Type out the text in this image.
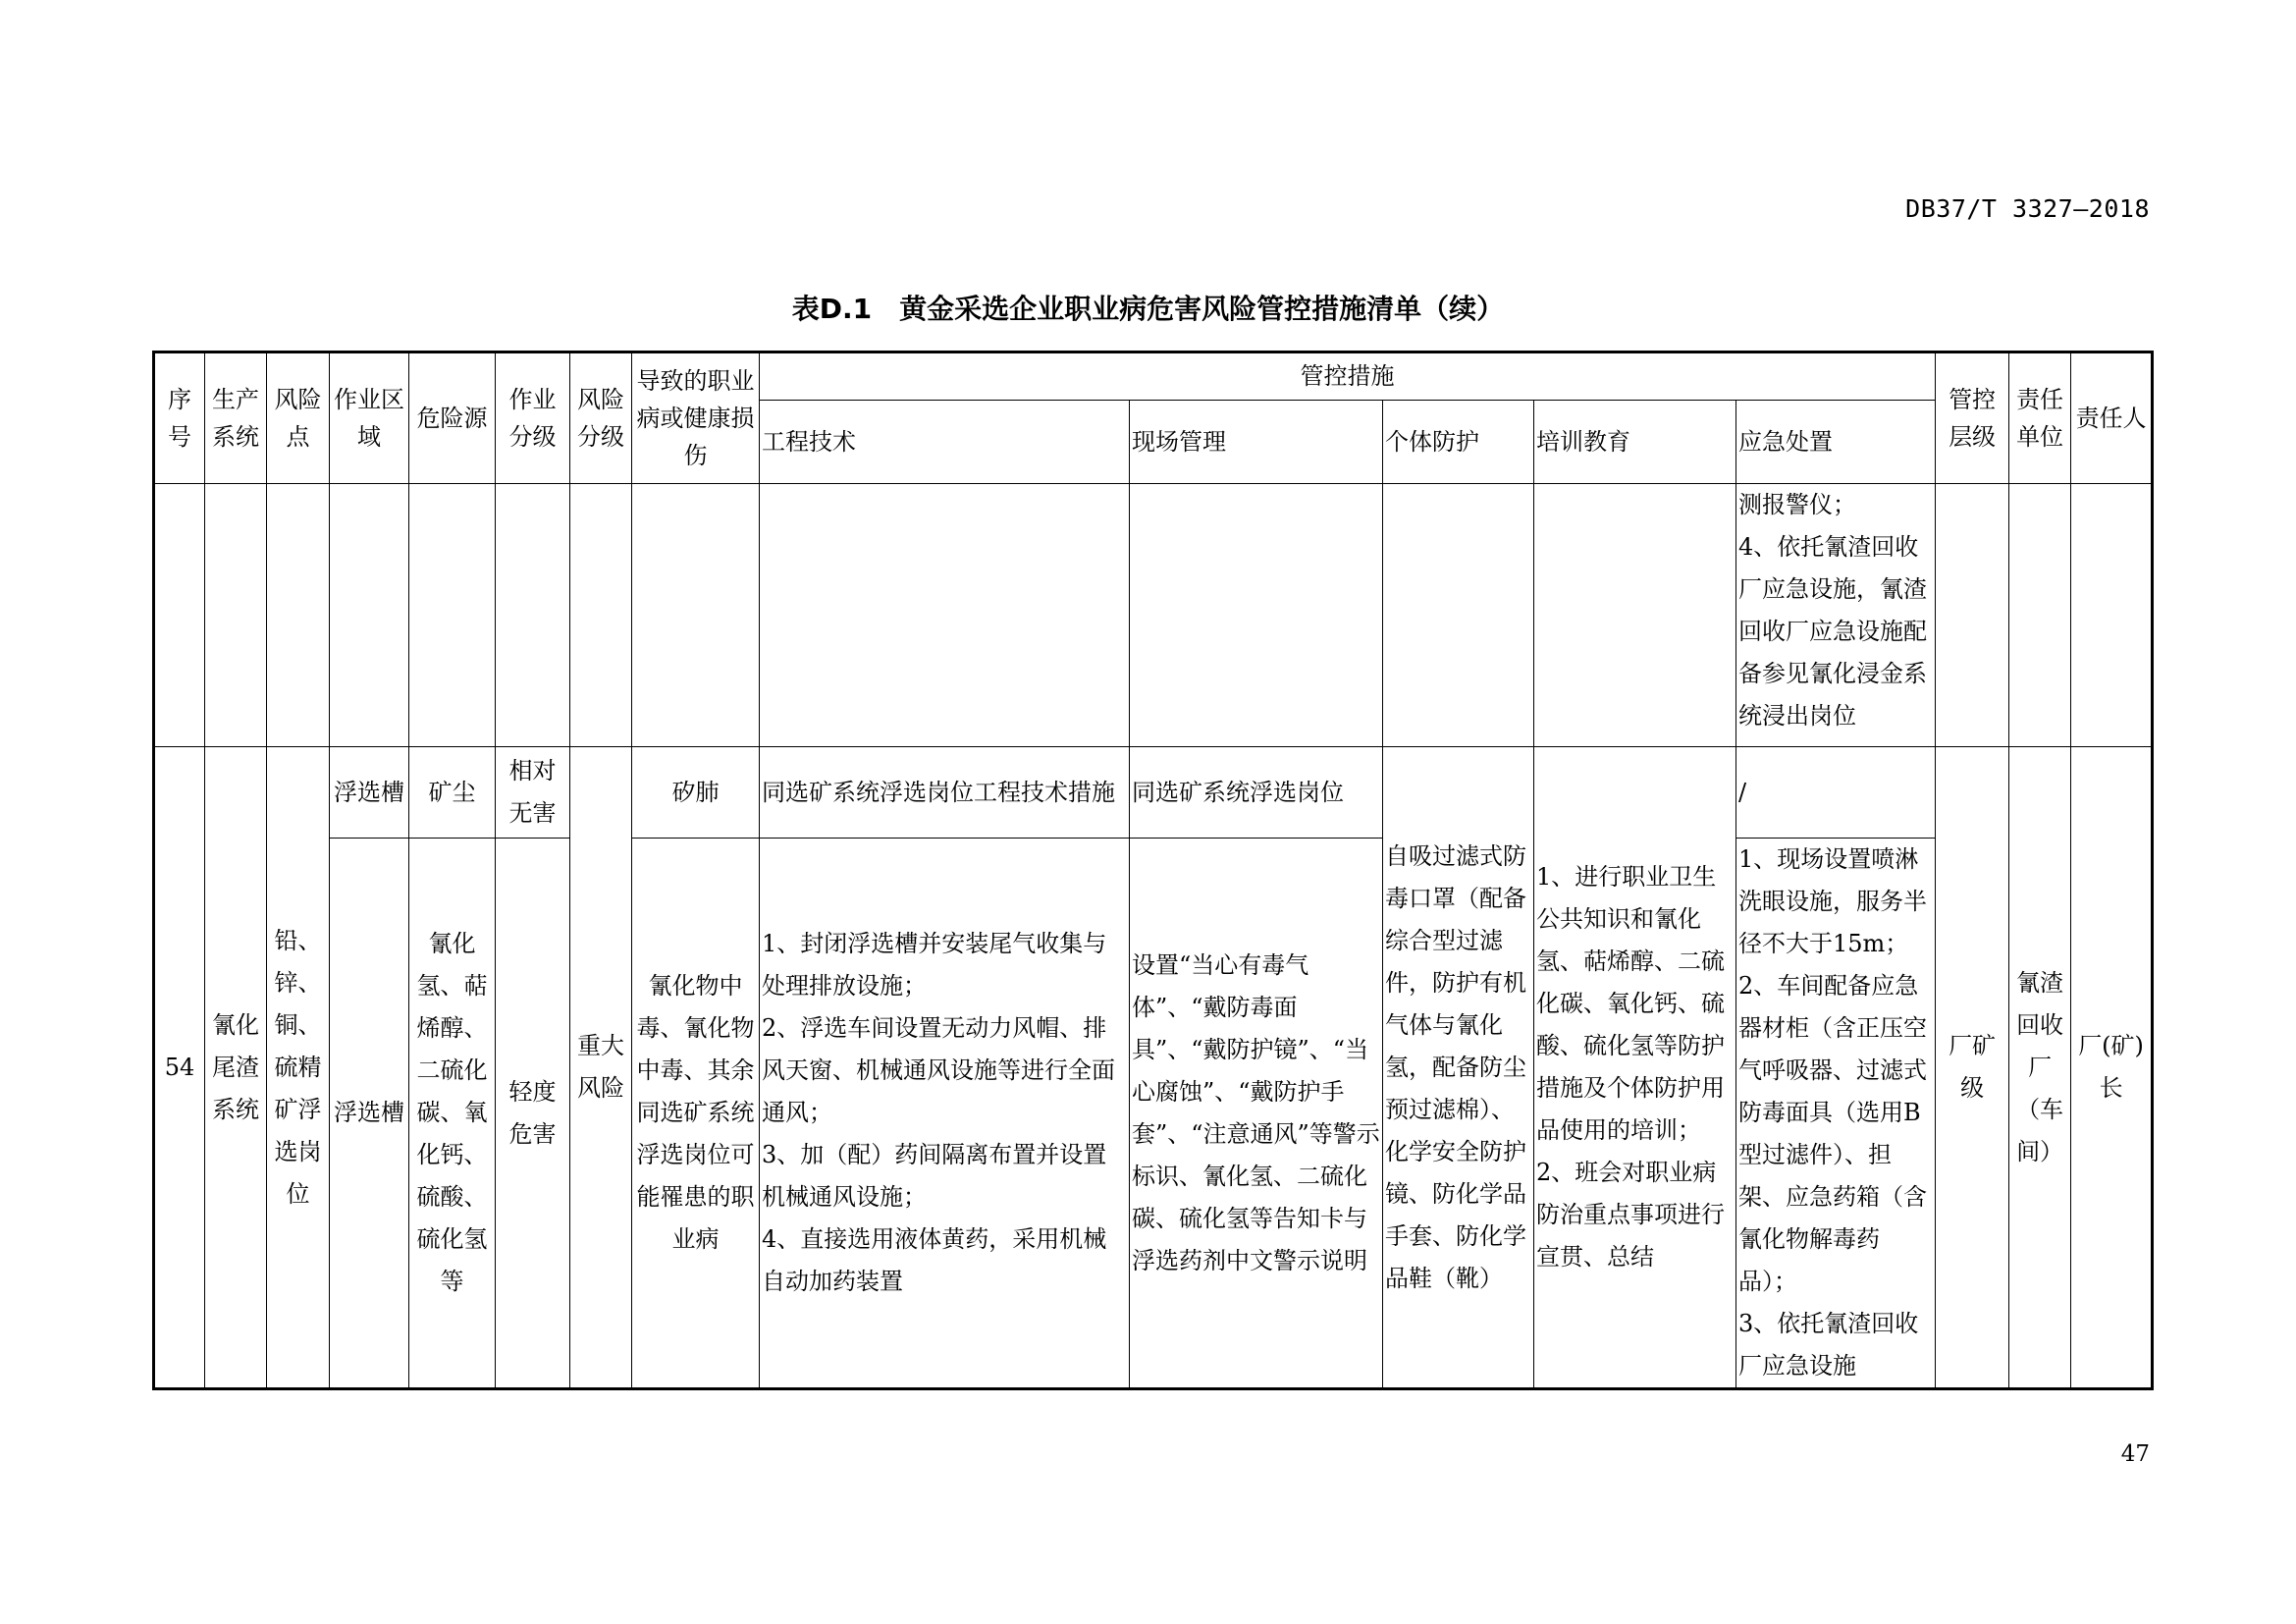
DB37/T 3327—2018
表D.1 黄金采选企业职业病危害风险管控措施清单（续）
序号	生产系统	风险点	作业区域	危险源	作业分级	风险分级	导致的职业病或健康损伤	管控措施					管控层级	责任单位	责任人
								工程技术	现场管理	个体防护	培训教育	应急处置			
												测报警仪；
4、依托氰渣回收厂应急设施，氰渣回收厂应急设施配备参见氰化浸金系统浸出岗位			
54	氰化尾渣系统	铅、锌、铜、硫精矿浮选岗位	浮选槽	矿尘	相对无害	重大风险	矽肺	同选矿系统浮选岗位工程技术措施	同选矿系统浮选岗位	自吸过滤式防毒口罩（配备综合型过滤件，防护有机气体与氰化氢，配备防尘预过滤棉）、化学安全防护镜、防化学品手套、防化学品鞋（靴）	1、进行职业卫生公共知识和氰化氢、萜烯醇、二硫化碳、氧化钙、硫酸、硫化氢等防护措施及个体防护用品使用的培训；
2、班会对职业病防治重点事项进行宣贯、总结	/	厂矿级	氰渣回收厂（车间）	厂(矿)长
			浮选槽	氰化氢、萜烯醇、二硫化碳、氧化钙、硫酸、硫化氢等	轻度危害		氰化物中毒、氰化物中毒、其余同选矿系统浮选岗位可能罹患的职业病	1、封闭浮选槽并安装尾气收集与处理排放设施；
2、浮选车间设置无动力风帽、排风天窗、机械通风设施等进行全面通风；
3、加（配）药间隔离布置并设置机械通风设施；
4、直接选用液体黄药，采用机械自动加药装置	设置“当心有毒气体”、“戴防毒面具”、“戴防护镜”、“当心腐蚀”、“戴防护手套”、“注意通风”等警示标识、氰化氢、二硫化碳、硫化氢等告知卡与浮选药剂中文警示说明			1、现场设置喷淋洗眼设施，服务半径不大于15m；
2、车间配备应急器材柜（含正压空气呼吸器、过滤式防毒面具（选用B型过滤件）、担架、应急药箱（含氰化物解毒药品）；
3、依托氰渣回收厂应急设施			
47
